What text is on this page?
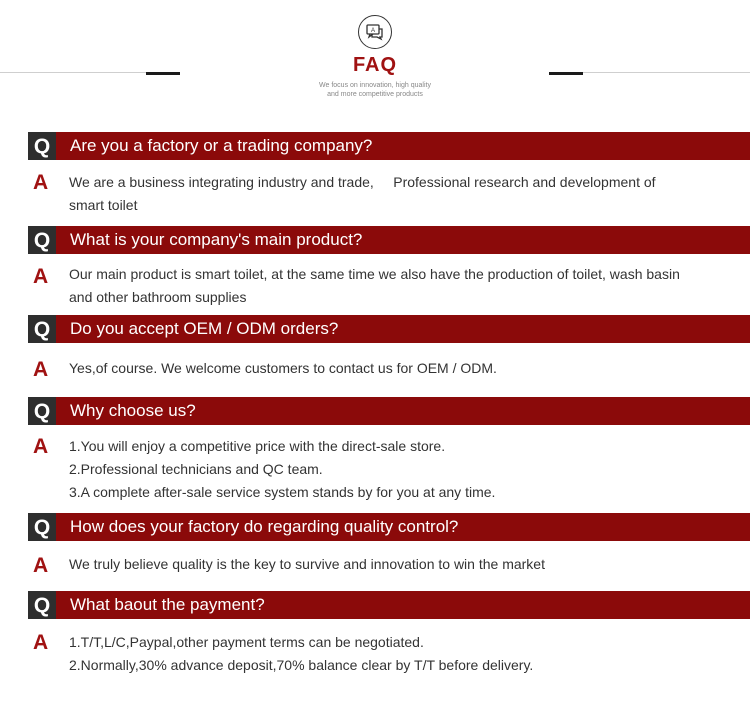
A
FAQ
We focus on innovation, high quality
and more competitive products
Q	Are you a factory or a trading company?
A	We are a business integrating industry and trade,     Professional research and development of
smart toilet
Q	What is your company's main product?
A	Our main product is smart toilet, at the same time we also have the production of toilet, wash basin
and other bathroom supplies
Q	Do you accept OEM / ODM orders?
A	Yes,of course. We welcome customers to contact us for OEM / ODM.
Q	Why choose us?
A	1.You will enjoy a competitive price with the direct-sale store.
2.Professional technicians and QC team.
3.A complete after-sale service system stands by for you at any time.
Q	How does your factory do regarding quality control?
A	We truly believe quality is the key to survive and innovation to win the market
Q	What baout the payment?
A	1.T/T,L/C,Paypal,other payment terms can be negotiated.
2.Normally,30% advance deposit,70% balance clear by T/T before delivery.
